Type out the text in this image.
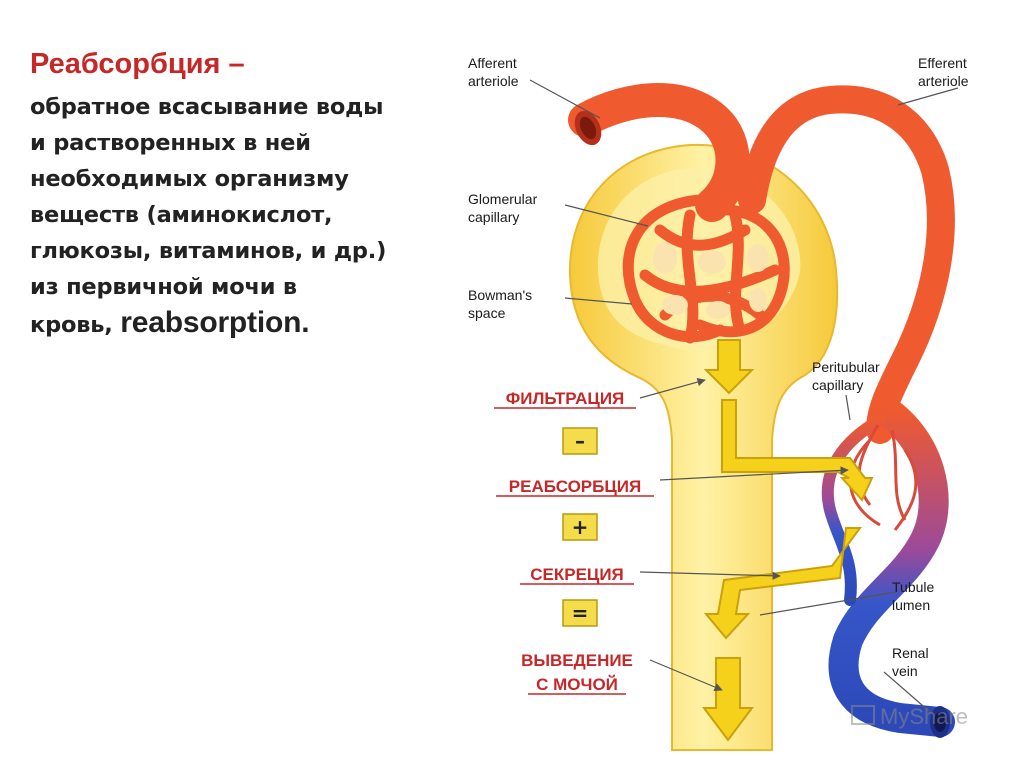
Реабсорбция –
обратное всасывание воды
и растворенных в ней
необходимых организму
веществ (аминокислот,
глюкозы, витаминов, и др.)
из первичной мочи в
кровь, reabsorption.
Afferent
arteriole
Efferent
arteriole
Glomerular
capillary
Bowman's
space
Peritubular
capillary
Tubule
lumen
Renal
vein
ФИЛЬТРАЦИЯ
–
РЕАБСОРБЦИЯ
+
СЕКРЕЦИЯ
=
ВЫВЕДЕНИЕ
С МОЧОЙ
MyShare
